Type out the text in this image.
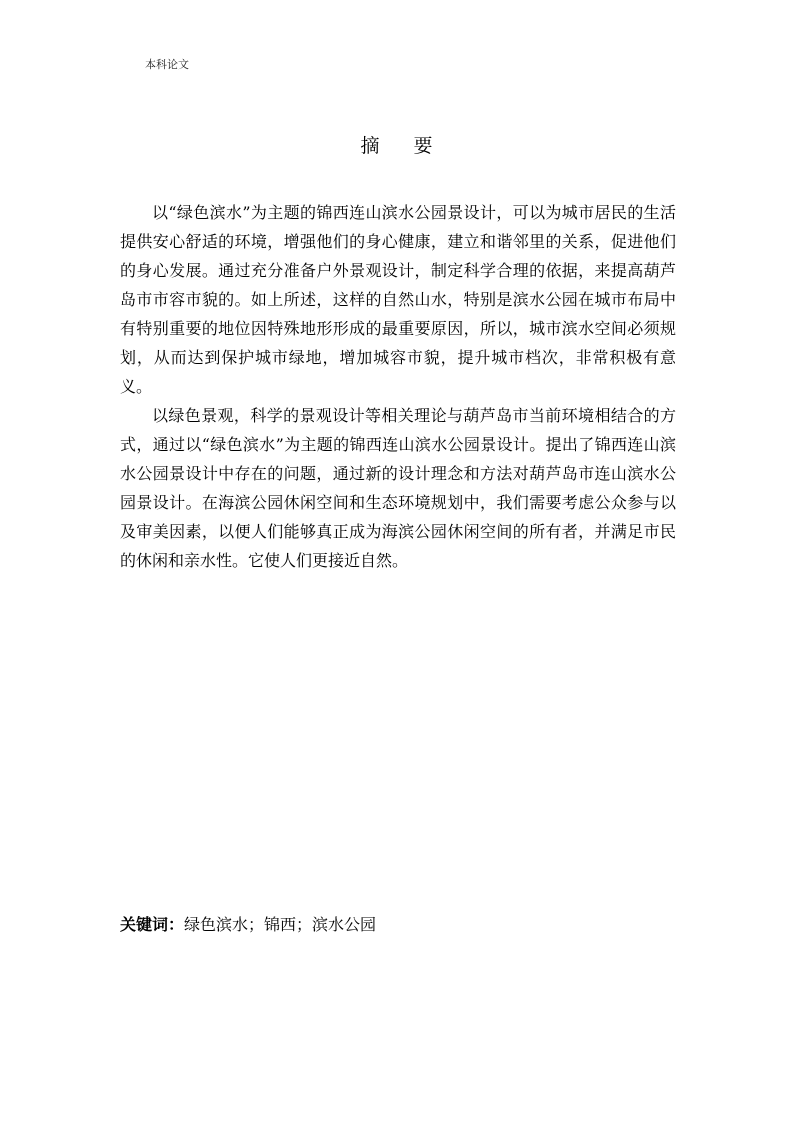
本科论文
摘要

以“绿色滨水”为主题的锦西连山滨水公园景设计，可以为城市居民的生活提供安心舒适的环境，增强他们的身心健康，建立和谐邻里的关系，促进他们的身心发展。通过充分准备户外景观设计，制定科学合理的依据，来提高葫芦岛市市容市貌的。如上所述，这样的自然山水，特别是滨水公园在城市布局中有特别重要的地位因特殊地形形成的最重要原因，所以，城市滨水空间必须规划，从而达到保护城市绿地，增加城容市貌，提升城市档次，非常积极有意义。

以绿色景观，科学的景观设计等相关理论与葫芦岛市当前环境相结合的方式，通过以“绿色滨水”为主题的锦西连山滨水公园景设计。提出了锦西连山滨水公园景设计中存在的问题，通过新的设计理念和方法对葫芦岛市连山滨水公园景设计。在海滨公园休闲空间和生态环境规划中，我们需要考虑公众参与以及审美因素，以便人们能够真正成为海滨公园休闲空间的所有者，并满足市民的休闲和亲水性。它使人们更接近自然。

关键词：绿色滨水；锦西；滨水公园
